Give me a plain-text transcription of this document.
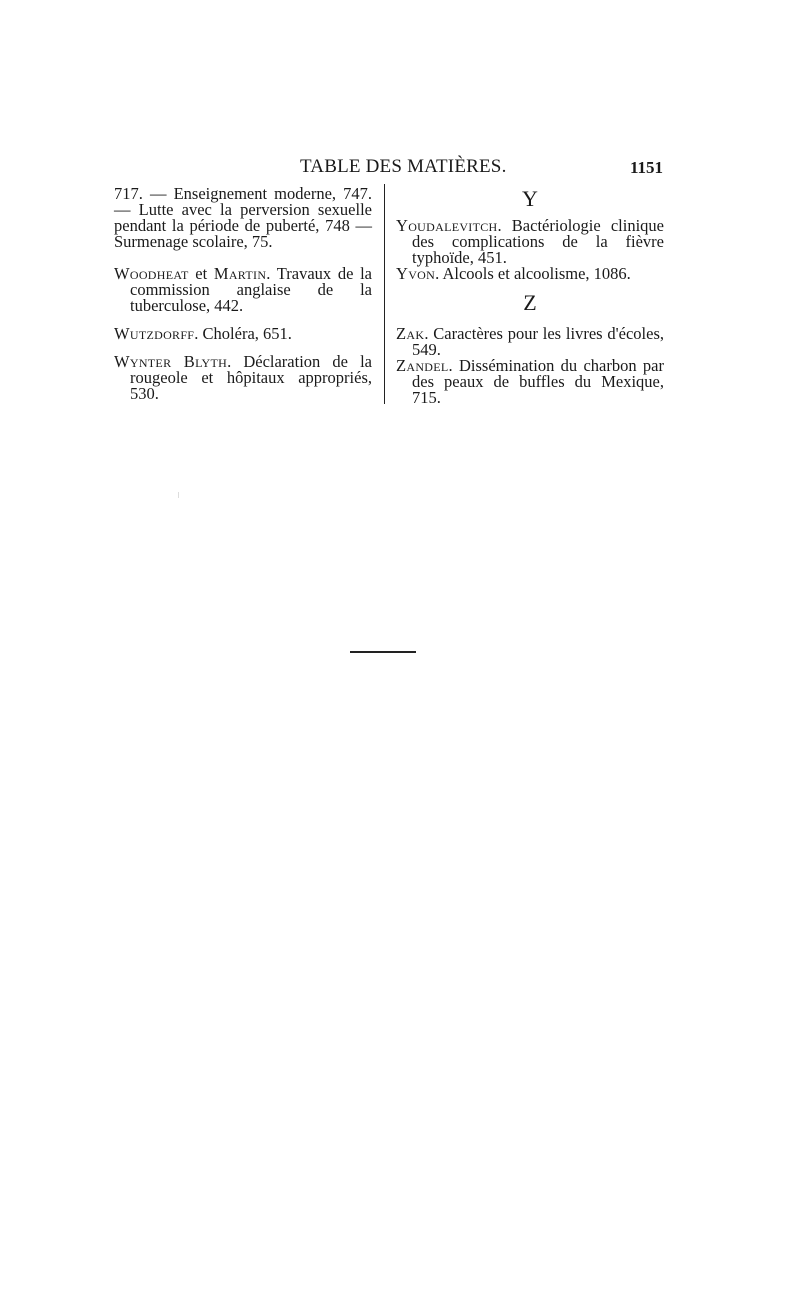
TABLE DES MATIÈRES.	1151

717. — Enseignement moderne, 747. — Lutte avec la perversion sexuelle pendant la période de puberté, 748 — Surmenage scolaire, 75.

Woodheat et Martin. Travaux de la commission anglaise de la tuberculose, 442.

Wutzdorff. Choléra, 651.

Wynter Blyth. Déclaration de la rougeole et hôpitaux appropriés, 530.

Y

Youdalevitch. Bactériologie clinique des complications de la fièvre typhoïde, 451.

Yvon. Alcools et alcoolisme, 1086.

Z

Zak. Caractères pour les livres d'écoles, 549.

Zandel. Dissémination du charbon par des peaux de buffles du Mexique, 715.
